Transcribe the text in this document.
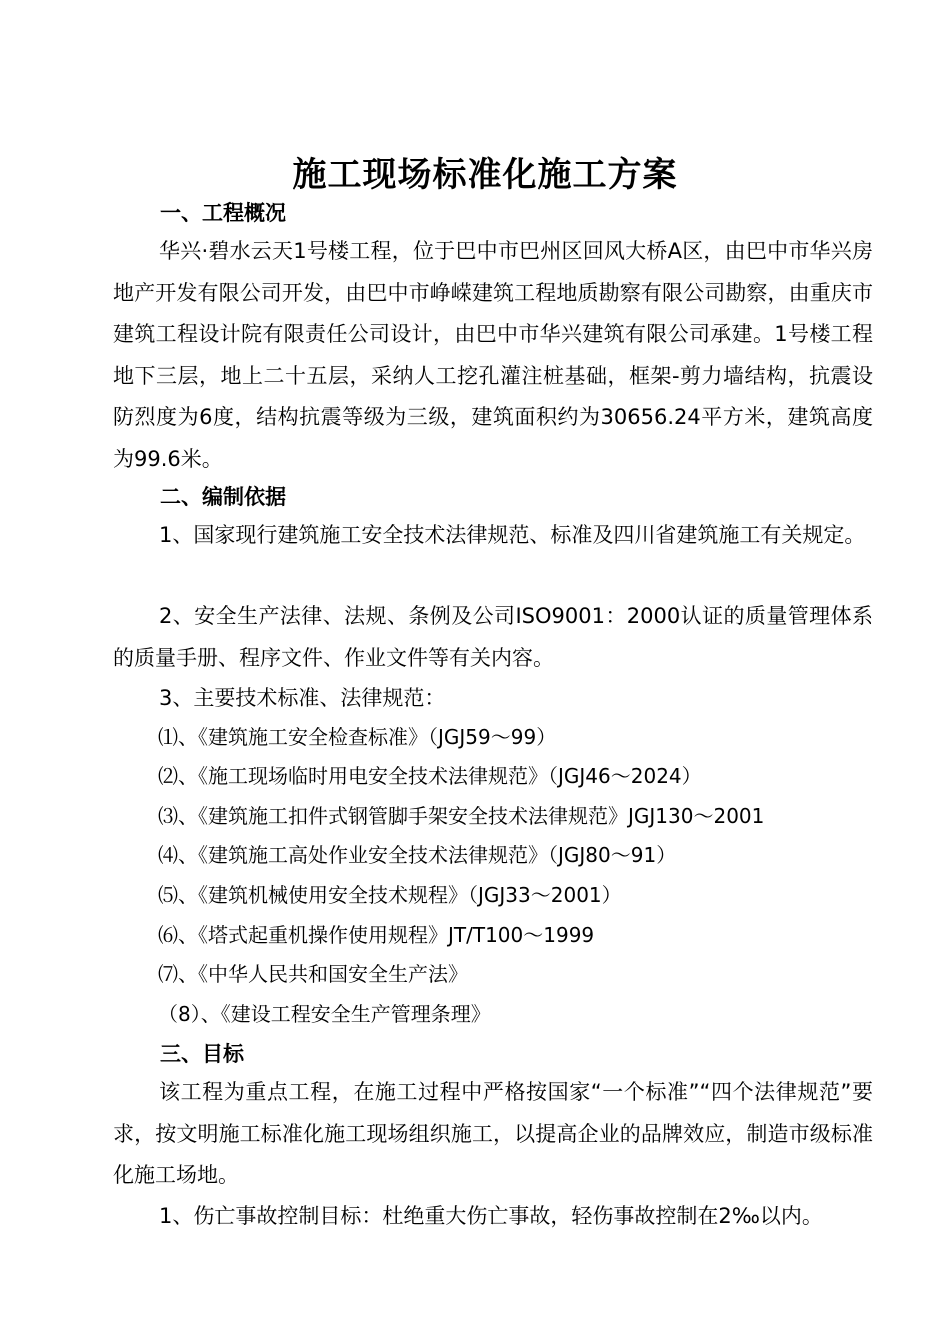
施工现场标准化施工方案
一、工程概况
华兴·碧水云天1号楼工程，位于巴中市巴州区回风大桥A区，由巴中市华兴房地产开发有限公司开发，由巴中市峥嵘建筑工程地质勘察有限公司勘察，由重庆市建筑工程设计院有限责任公司设计，由巴中市华兴建筑有限公司承建。1号楼工程地下三层，地上二十五层，采纳人工挖孔灌注桩基础，框架-剪力墙结构，抗震设防烈度为6度，结构抗震等级为三级，建筑面积约为30656.24平方米，建筑高度为99.6米。
二、编制依据
1、国家现行建筑施工安全技术法律规范、标准及四川省建筑施工有关规定。
2、安全生产法律、法规、条例及公司ISO9001：2000认证的质量管理体系的质量手册、程序文件、作业文件等有关内容。
3、主要技术标准、法律规范：
⑴、《建筑施工安全检查标准》（JGJ59～99）
⑵、《施工现场临时用电安全技术法律规范》（JGJ46～2024）
⑶、《建筑施工扣件式钢管脚手架安全技术法律规范》JGJ130～2001
⑷、《建筑施工高处作业安全技术法律规范》（JGJ80～91）
⑸、《建筑机械使用安全技术规程》（JGJ33～2001）
⑹、《塔式起重机操作使用规程》JT/T100～1999
⑺、《中华人民共和国安全生产法》
（8）、《建设工程安全生产管理条理》
三、目标
该工程为重点工程，在施工过程中严格按国家“一个标准”“四个法律规范”要求，按文明施工标准化施工现场组织施工，以提高企业的品牌效应，制造市级标准化施工场地。
1、伤亡事故控制目标：杜绝重大伤亡事故，轻伤事故控制在2‰以内。
